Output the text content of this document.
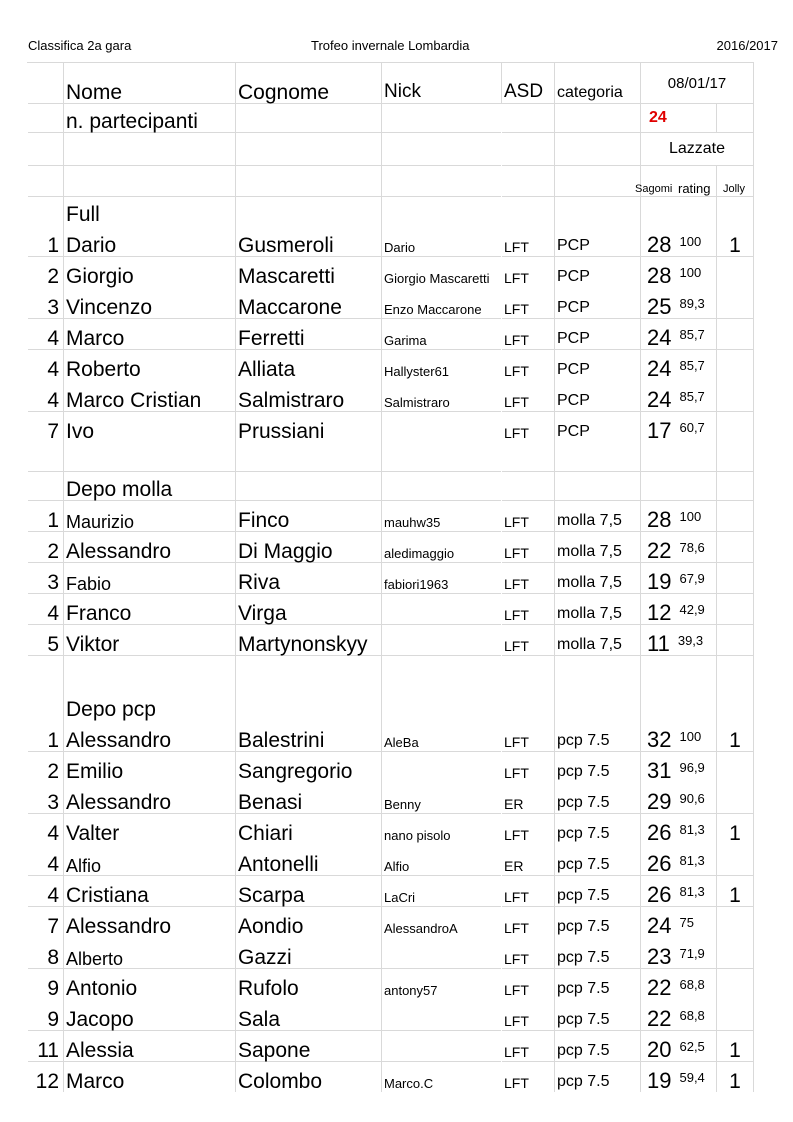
Classifica 2a gara	Trofeo invernale Lombardia	2016/2017
	Nome	Cognome	Nick	ASD	categoria	08/01/17	
	n. partecipanti					24	
						Lazzate	

						Sagomi rating	Jolly

	Full						
1	Dario	Gusmeroli	Dario	LFT	PCP	28 $^{100}$	1
2	Giorgio	Mascaretti	Giorgio Mascaretti	LFT	PCP	28 $^{100}$	
3	Vincenzo	Maccarone	Enzo Maccarone	LFT	PCP	25 $^{89,3}$	
4	Marco	Ferretti	Garima	LFT	PCP	24 $^{85,7}$	
4	Roberto	Alliata	Hallyster61	LFT	PCP	24 $^{85,7}$	
4	Marco Cristian	Salmistraro	Salmistraro	LFT	PCP	24 $^{85,7}$	
7	Ivo	Prussiani		LFT	PCP	17 $^{60,7}$	

	Depo molla						
1	Maurizio	Finco	mauhw35	LFT	molla 7,5	28 $^{100}$	
2	Alessandro	Di Maggio	aledimaggio	LFT	molla 7,5	22 $^{78,6}$	
3	Fabio	Riva	fabiori1963	LFT	molla 7,5	19 $^{67,9}$	
4	Franco	Virga		LFT	molla 7,5	12 $^{42,9}$	
5	Viktor	Martynonskyy		LFT	molla 7,5	11 $^{39,3}$	
	Depo pcp						
1	Alessandro	Balestrini	AleBa	LFT	pcp 7.5	32 $^{100}$	1
2	Emilio	Sangregorio		LFT	pcp 7.5	31 $^{96,9}$	
3	Alessandro	Benasi	Benny	ER	pcp 7.5	29 $^{90,6}$	
4	Valter	Chiari	nano pisolo	LFT	pcp 7.5	26 $^{81,3}$	1
4	Alfio	Antonelli	Alfio	ER	pcp 7.5	26 $^{81,3}$	
4	Cristiana	Scarpa	LaCri	LFT	pcp 7.5	26 $^{81,3}$	1
7	Alessandro	Aondio	AlessandroA	LFT	pcp 7.5	24 $^{75}$	
8	Alberto	Gazzi		LFT	pcp 7.5	23 $^{71,9}$	
9	Antonio	Rufolo	antony57	LFT	pcp 7.5	22 $^{68,8}$	
9	Jacopo	Sala		LFT	pcp 7.5	22 $^{68,8}$	
11	Alessia	Sapone		LFT	pcp 7.5	20 $^{62,5}$	1
12	Marco	Colombo	Marco.C	LFT	pcp 7.5	19 $^{59,4}$	1
